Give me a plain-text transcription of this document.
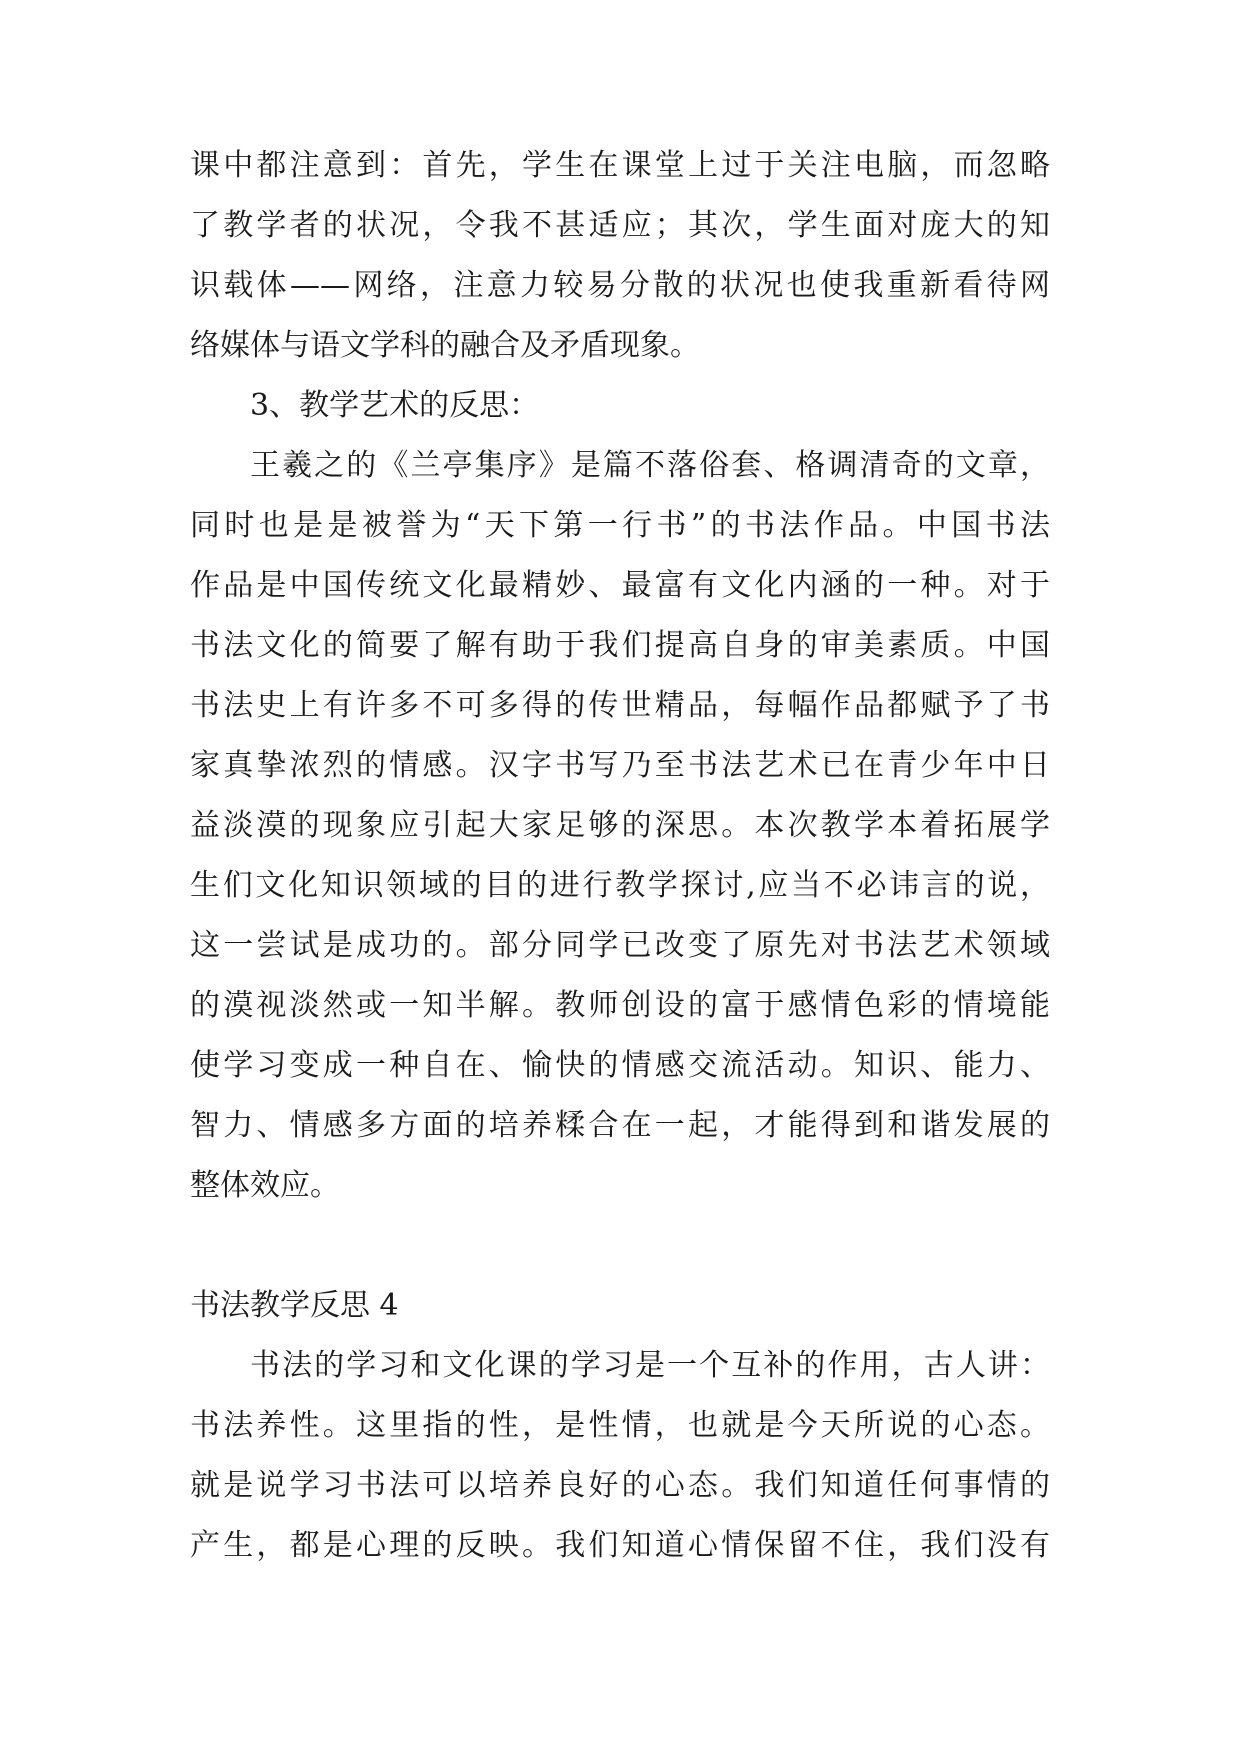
课中都注意到：首先，学生在课堂上过于关注电脑，而忽略
了教学者的状况，令我不甚适应；其次，学生面对庞大的知
识载体——网络，注意力较易分散的状况也使我重新看待网
络媒体与语文学科的融合及矛盾现象。
3、教学艺术的反思：
王羲之的《兰亭集序》是篇不落俗套、格调清奇的文章，
同时也是是被誉为“天下第一行书”的书法作品。中国书法
作品是中国传统文化最精妙、最富有文化内涵的一种。对于
书法文化的简要了解有助于我们提高自身的审美素质。中国
书法史上有许多不可多得的传世精品，每幅作品都赋予了书
家真挚浓烈的情感。汉字书写乃至书法艺术已在青少年中日
益淡漠的现象应引起大家足够的深思。本次教学本着拓展学
生们文化知识领域的目的进行教学探讨,应当不必讳言的说，
这一尝试是成功的。部分同学已改变了原先对书法艺术领域
的漠视淡然或一知半解。教师创设的富于感情色彩的情境能
使学习变成一种自在、愉快的情感交流活动。知识、能力、
智力、情感多方面的培养糅合在一起，才能得到和谐发展的
整体效应。
书法教学反思 4
书法的学习和文化课的学习是一个互补的作用，古人讲：
书法养性。这里指的性，是性情，也就是今天所说的心态。
就是说学习书法可以培养良好的心态。我们知道任何事情的
产生，都是心理的反映。我们知道心情保留不住，我们没有
